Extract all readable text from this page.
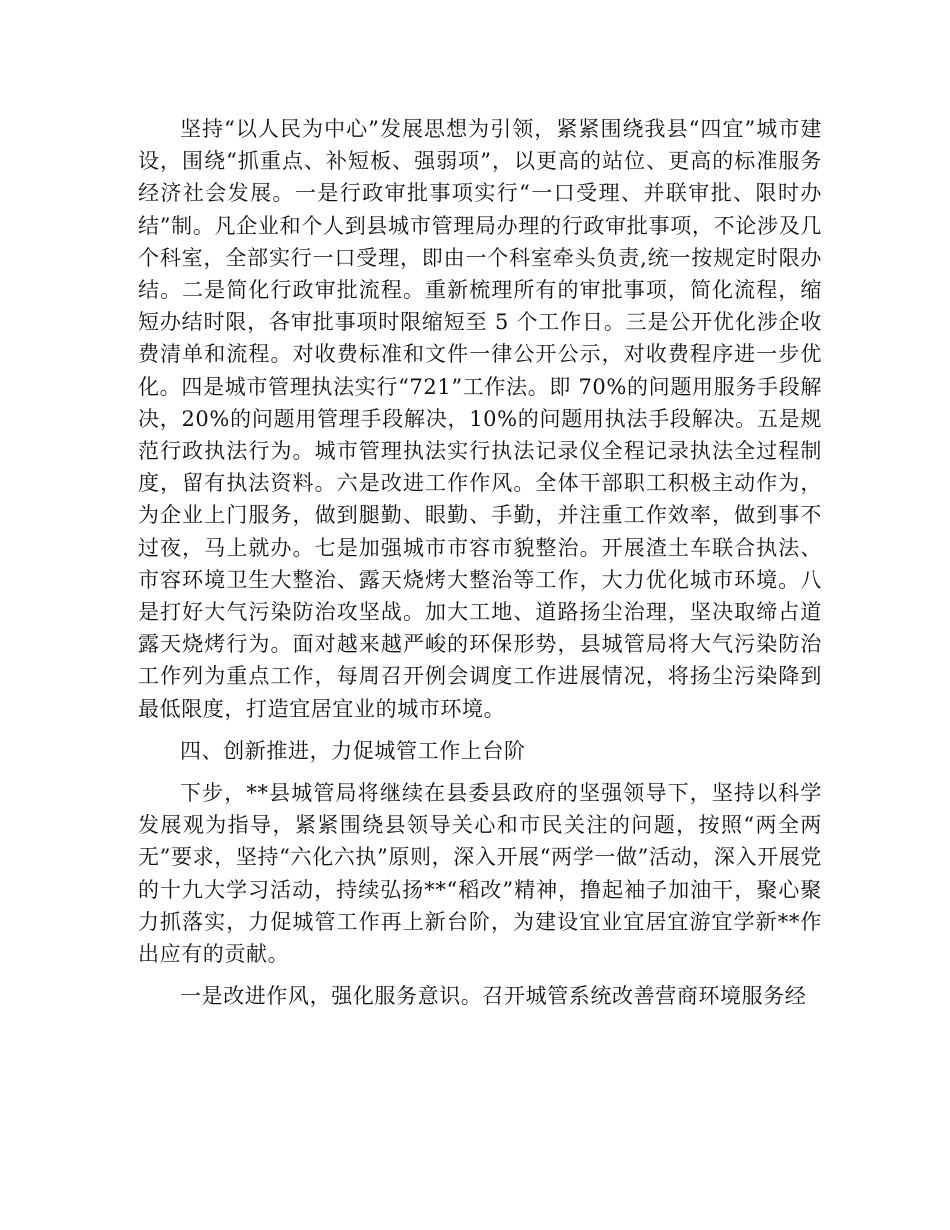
坚持“以人民为中心”发展思想为引领，紧紧围绕我县“四宜”城市建设，围绕“抓重点、补短板、强弱项”，以更高的站位、更高的标准服务经济社会发展。一是行政审批事项实行“一口受理、并联审批、限时办结”制。凡企业和个人到县城市管理局办理的行政审批事项，不论涉及几个科室，全部实行一口受理，即由一个科室牵头负责,统一按规定时限办结。二是简化行政审批流程。重新梳理所有的审批事项，简化流程，缩短办结时限，各审批事项时限缩短至 5 个工作日。三是公开优化涉企收费清单和流程。对收费标准和文件一律公开公示，对收费程序进一步优化。四是城市管理执法实行“721”工作法。即 70%的问题用服务手段解决，20%的问题用管理手段解决，10%的问题用执法手段解决。五是规范行政执法行为。城市管理执法实行执法记录仪全程记录执法全过程制度，留有执法资料。六是改进工作作风。全体干部职工积极主动作为，为企业上门服务，做到腿勤、眼勤、手勤，并注重工作效率，做到事不过夜，马上就办。七是加强城市市容市貌整治。开展渣土车联合执法、市容环境卫生大整治、露天烧烤大整治等工作，大力优化城市环境。八是打好大气污染防治攻坚战。加大工地、道路扬尘治理，坚决取缔占道露天烧烤行为。面对越来越严峻的环保形势，县城管局将大气污染防治工作列为重点工作，每周召开例会调度工作进展情况，将扬尘污染降到最低限度，打造宜居宜业的城市环境。

四、创新推进，力促城管工作上台阶

下步，**县城管局将继续在县委县政府的坚强领导下，坚持以科学发展观为指导，紧紧围绕县领导关心和市民关注的问题，按照“两全两无”要求，坚持“六化六执”原则，深入开展“两学一做”活动，深入开展党的十九大学习活动，持续弘扬**“稻改”精神，撸起袖子加油干，聚心聚力抓落实，力促城管工作再上新台阶，为建设宜业宜居宜游宜学新**作出应有的贡献。

一是改进作风，强化服务意识。召开城管系统改善营商环境服务经
